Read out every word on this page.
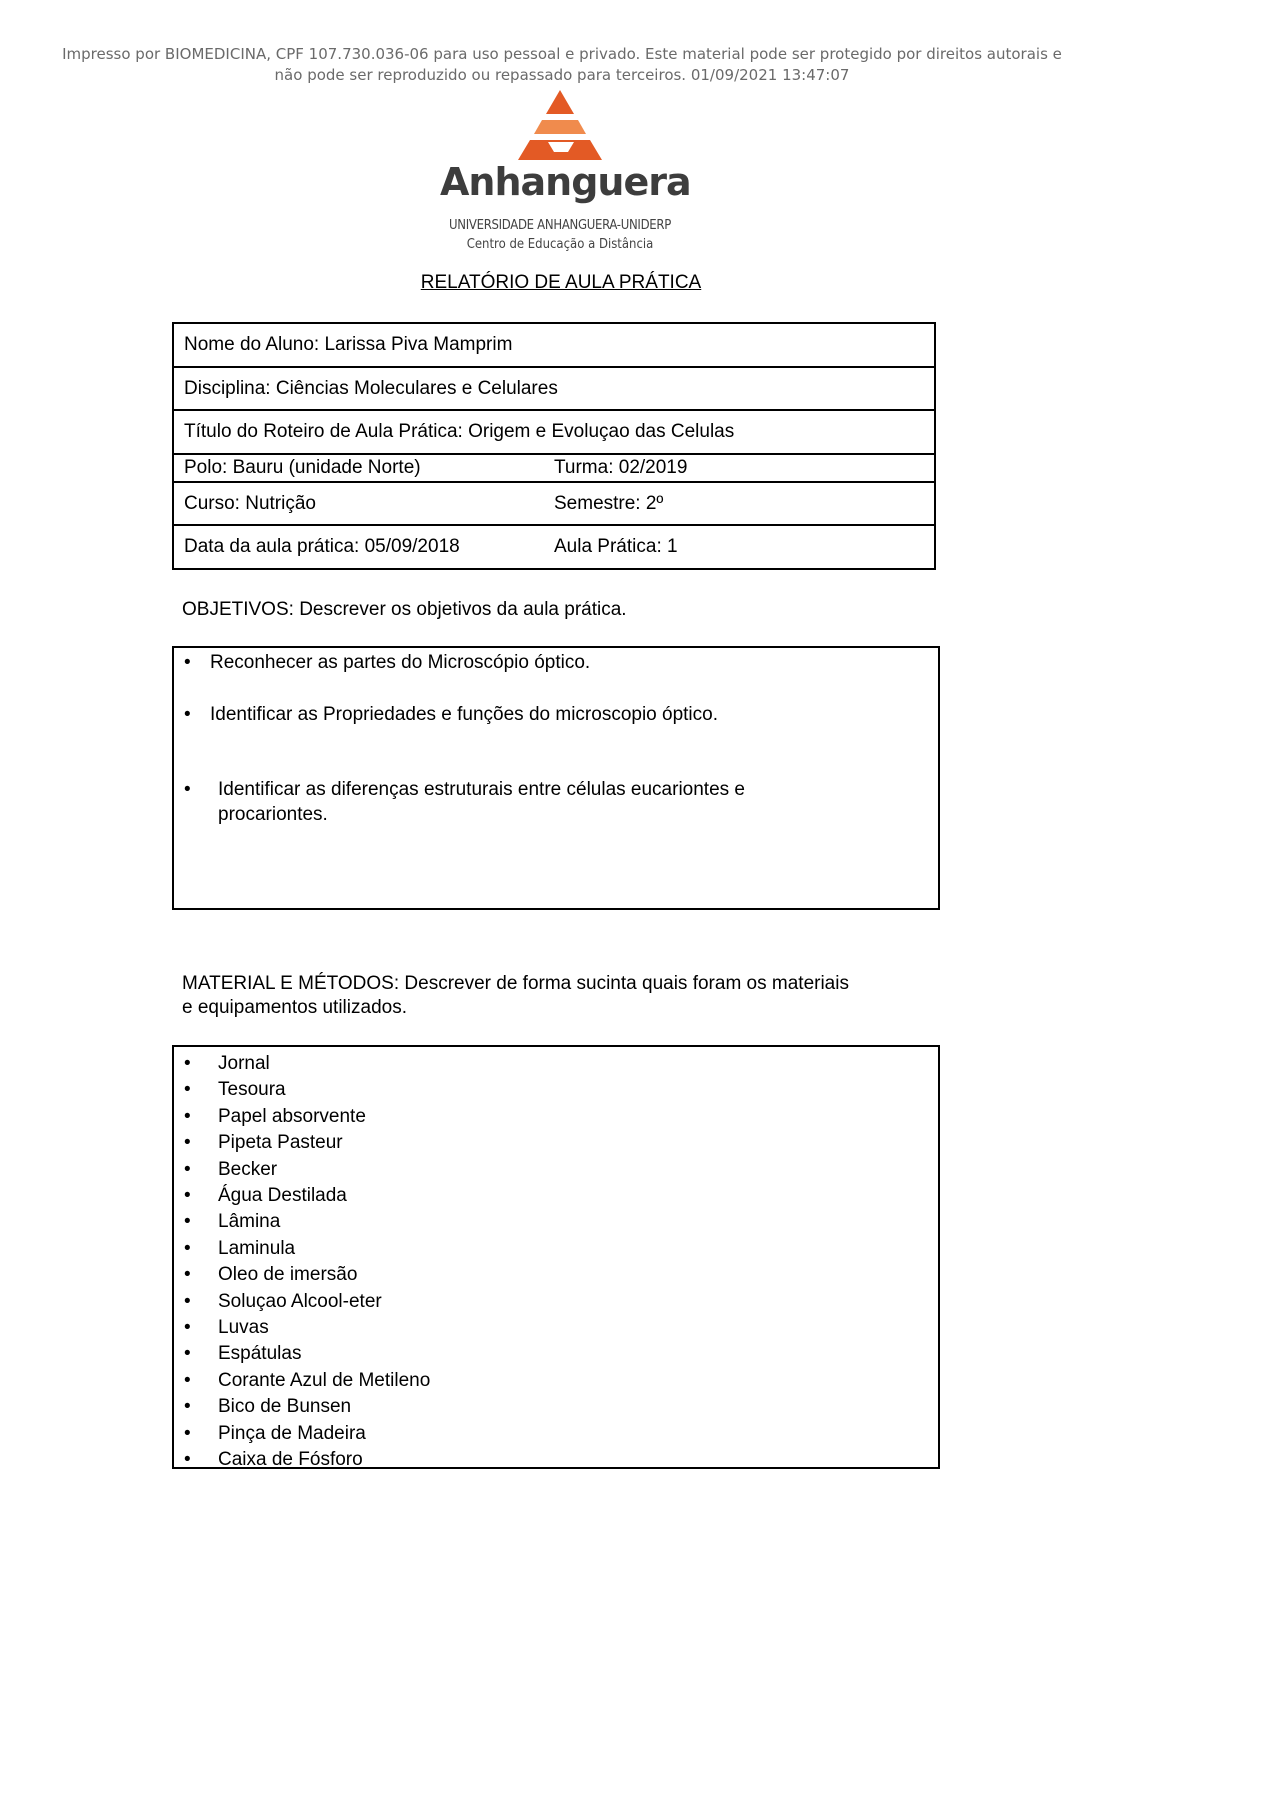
Impresso por BIOMEDICINA, CPF 107.730.036-06 para uso pessoal e privado. Este material pode ser protegido por direitos autorais e
não pode ser reproduzido ou repassado para terceiros. 01/09/2021 13:47:07
Anhanguera
UNIVERSIDADE ANHANGUERA-UNIDERP
Centro de Educação a Distância
RELATÓRIO DE AULA PRÁTICA
Nome do Aluno: Larissa Piva Mamprim	
Disciplina: Ciências Moleculares e Celulares	
Título do Roteiro de Aula Prática: Origem e Evoluçao das Celulas	
Polo: Bauru (unidade Norte)	Turma: 02/2019
Curso: Nutrição	Semestre: 2º
Data da aula prática: 05/09/2018	Aula Prática: 1
OBJETIVOS: Descrever os objetivos da aula prática.
•	Reconhecer as partes do Microscópio óptico.
•	Identificar as Propriedades e funções do microscopio óptico.
•	Identificar as diferenças estruturais entre células eucariontes e
procariontes.
MATERIAL E MÉTODOS: Descrever de forma sucinta quais foram os materiais
e equipamentos utilizados.
• Jornal
• Tesoura
• Papel absorvente
• Pipeta Pasteur
• Becker
• Água Destilada
• Lâmina
• Laminula
• Oleo de imersão
• Soluçao Alcool-eter
• Luvas
• Espátulas
• Corante Azul de Metileno
• Bico de Bunsen
• Pinça de Madeira
• Caixa de Fósforo
